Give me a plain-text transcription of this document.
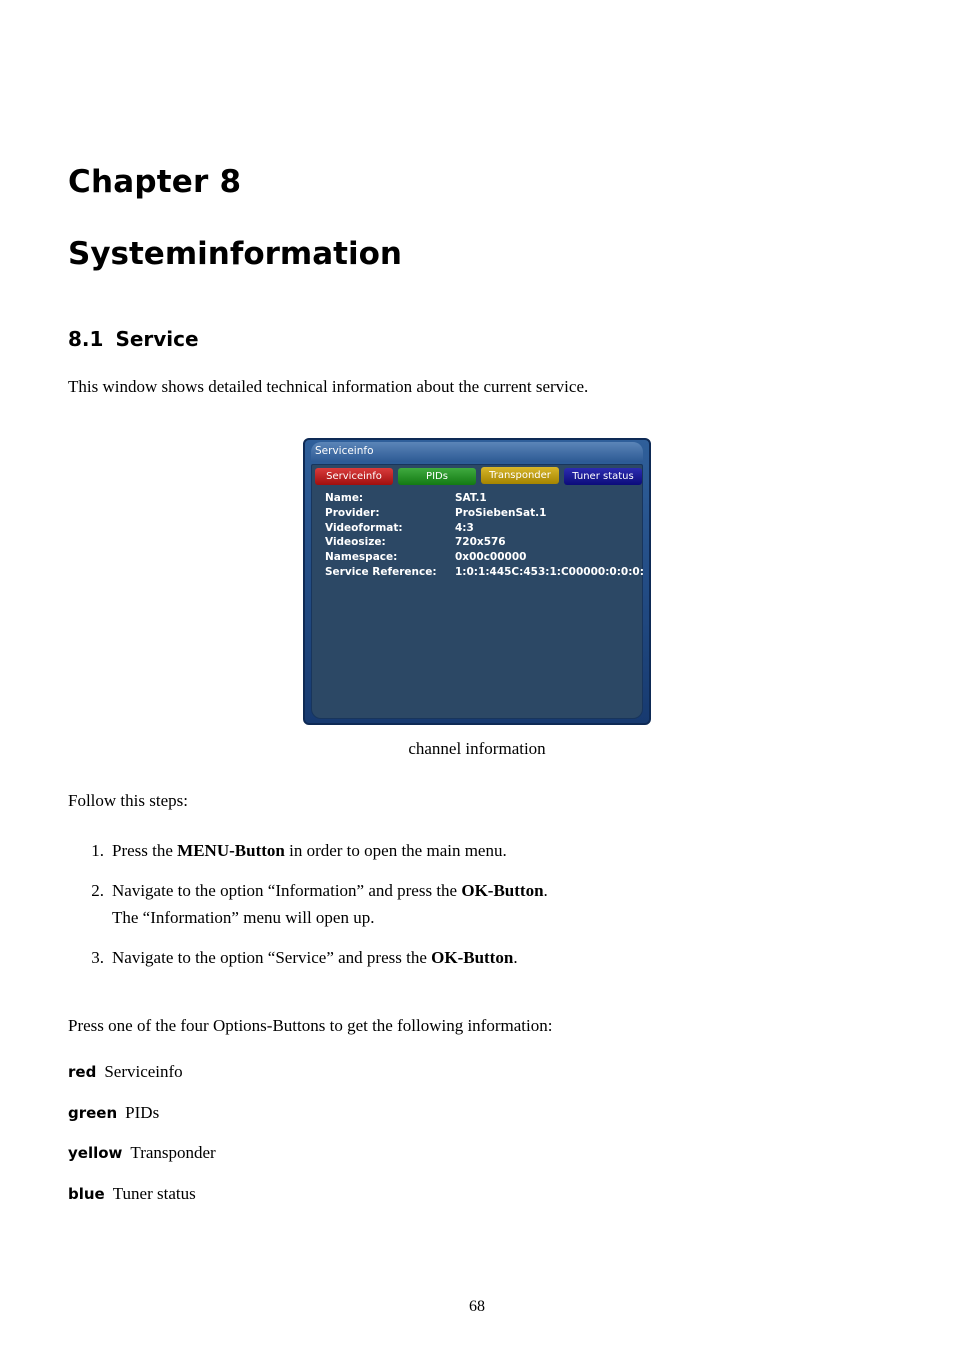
Chapter 8
Systeminformation
8.1 Service
This window shows detailed technical information about the current service.
Serviceinfo
Serviceinfo	PIDs	Transponder	Tuner status
Name:	SAT.1
Provider:	ProSiebenSat.1
Videoformat:	4:3
Videosize:	720x576
Namespace:	0x00c00000
Service Reference: 1:0:1:445C:453:1:C00000:0:0:0:
channel information
Follow this steps:
1. Press the MENU-Button in order to open the main menu.
2. Navigate to the option “Information” and press the OK-Button.
The “Information” menu will open up.
3. Navigate to the option “Service” and press the OK-Button.
Press one of the four Options-Buttons to get the following information:
red Serviceinfo
green PIDs
yellow Transponder
blue Tuner status
68
